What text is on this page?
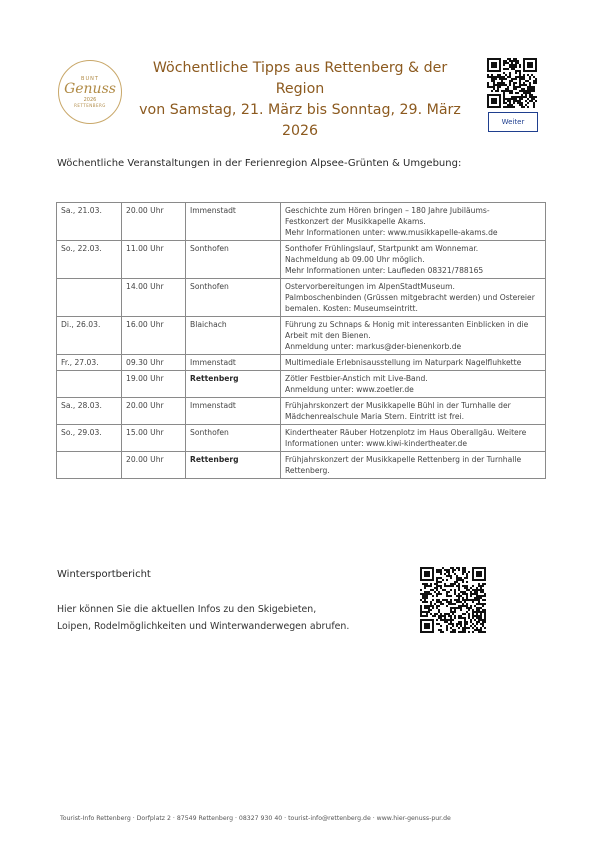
BUNT
Genuss
2026
RETTENBERG
Wöchentliche Tipps aus Rettenberg & der Region
von Samstag, 21. März bis Sonntag, 29. März 2026
Weiter
Wöchentliche Veranstaltungen in der Ferienregion Alpsee-Grünten & Umgebung:
Sa., 21.03.	20.00 Uhr	Immenstadt	Geschichte zum Hören bringen – 180 Jahre Jubiläums-
Festkonzert der Musikkapelle Akams.
Mehr Informationen unter: www.musikkapelle-akams.de

So., 22.03.	11.00 Uhr	Sonthofen	Sonthofer Frühlingslauf, Startpunkt am Wonnemar.
Nachmeldung ab 09.00 Uhr möglich.
Mehr Informationen unter: Laufleden 08321/788165

	14.00 Uhr	Sonthofen	Ostervorbereitungen im AlpenStadtMuseum.
Palmboschenbinden (Grüssen mitgebracht werden) und Ostereier
bemalen. Kosten: Museumseintritt.

Di., 26.03.	16.00 Uhr	Blaichach	Führung zu Schnaps & Honig mit interessanten Einblicken in die
Arbeit mit den Bienen.
Anmeldung unter: markus@der-bienenkorb.de

Fr., 27.03.	09.30 Uhr	Immenstadt	Multimediale Erlebnisausstellung im Naturpark Nagelfluhkette

	19.00 Uhr	Rettenberg	Zötler Festbier-Anstich mit Live-Band.
Anmeldung unter: www.zoetler.de

Sa., 28.03.	20.00 Uhr	Immenstadt	Frühjahrskonzert der Musikkapelle Bühl in der Turnhalle der
Mädchenrealschule Maria Stern. Eintritt ist frei.

So., 29.03.	15.00 Uhr	Sonthofen	Kindertheater Räuber Hotzenplotz im Haus Oberallgäu. Weitere
Informationen unter: www.kiwi-kindertheater.de

	20.00 Uhr	Rettenberg	Frühjahrskonzert der Musikkapelle Rettenberg in der Turnhalle
Rettenberg.
Wintersportbericht
Hier können Sie die aktuellen Infos zu den Skigebieten,
Loipen, Rodelmöglichkeiten und Winterwanderwegen abrufen.
Tourist-Info Rettenberg · Dorfplatz 2 · 87549 Rettenberg · 08327 930 40 · tourist-info@rettenberg.de · www.hier-genuss-pur.de
